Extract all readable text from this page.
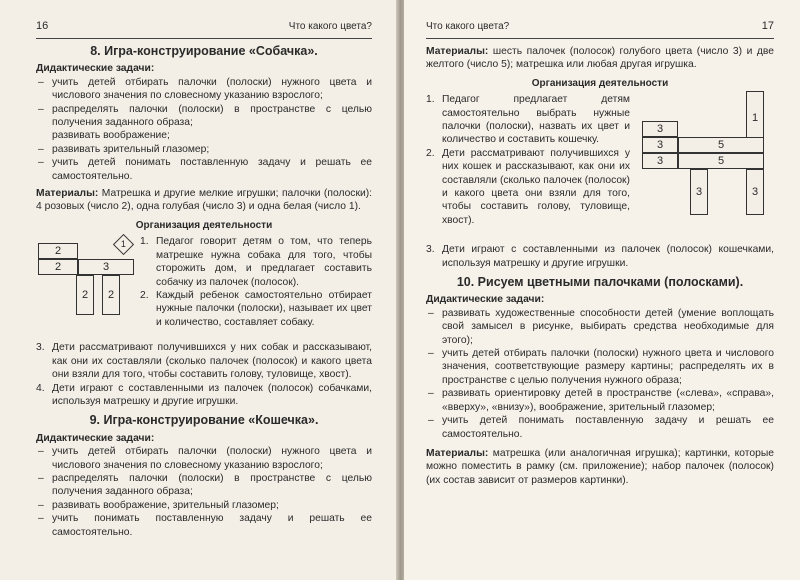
16	Что какого цвета?
8. Игра-конструирование «Собачка».
Дидактические задачи:
– учить детей отбирать палочки (полоски) нужного цвета и числового значения по словесному указанию взрослого;
– распределять палочки (полоски) в пространстве с целью получения заданного образа;
развивать воображение;
– развивать зрительный глазомер;
– учить детей понимать поставленную задачу и решать ее самостоятельно.
Материалы: Матрешка и другие мелкие игрушки; палочки (полоски): 4 розовых (число 2), одна голубая (число 3) и одна белая (число 1).
Организация деятельности
2
2	3
2	2
1 1. Педагог говорит детям о том, что теперь матрешке нужна собака для того, чтобы сторожить дом, и предлагает составить собачку из палочек (полосок).
2. Каждый ребенок самостоятельно отбирает нужные палочки (полоски), называет их цвет и количество, составляет собаку.
3. Дети рассматривают получившихся у них собак и рассказывают, как они их составляли (сколько палочек (полосок) и какого цвета они взяли для того, чтобы составить голову, туловище, хвост).
4. Дети играют с составленными из палочек (полосок) собачками, используя матрешку и другие игрушки.
9. Игра-конструирование «Кошечка».
Дидактические задачи:
– учить детей отбирать палочки (полоски) нужного цвета и числового значения по словесному указанию взрослого;
– распределять палочки (полоски) в пространстве с целью получения заданного образа;
– развивать воображение, зрительный глазомер;
– учить понимать поставленную задачу и решать ее самостоятельно.
Что какого цвета?	17
Материалы: шесть палочек (полосок) голубого цвета (число 3) и две желтого (число 5); матрешка или любая другая игрушка.
Организация деятельности
1
3
3	5
3	5
3	3
1. Педагог предлагает детям самостоятельно выбрать нужные палочки (полоски), назвать их цвет и количество и составить кошечку.
2. Дети рассматривают получившихся у них кошек и рассказывают, как они их составляли (сколько палочек (полосок) и какого цвета они взяли для того, чтобы составить голову, туловище, хвост).
3. Дети играют с составленными из палочек (полосок) кошечками, используя матрешку и другие игрушки.
10. Рисуем цветными палочками (полосками).
Дидактические задачи:
– развивать художественные способности детей (умение воплощать свой замысел в рисунке, выбирать средства необходимые для этого);
– учить детей отбирать палочки (полоски) нужного цвета и числового значения, соответствующие размеру картины; распределять их в пространстве с целью получения нужного образа;
– развивать ориентировку детей в пространстве («слева», «справа», «вверху», «внизу»), воображение, зрительный глазомер;
– учить детей понимать поставленную задачу и решать ее самостоятельно.
Материалы: матрешка (или аналогичная игрушка); картинки, которые можно поместить в рамку (см. приложение); набор палочек (полосок) (их состав зависит от размеров картинки).
